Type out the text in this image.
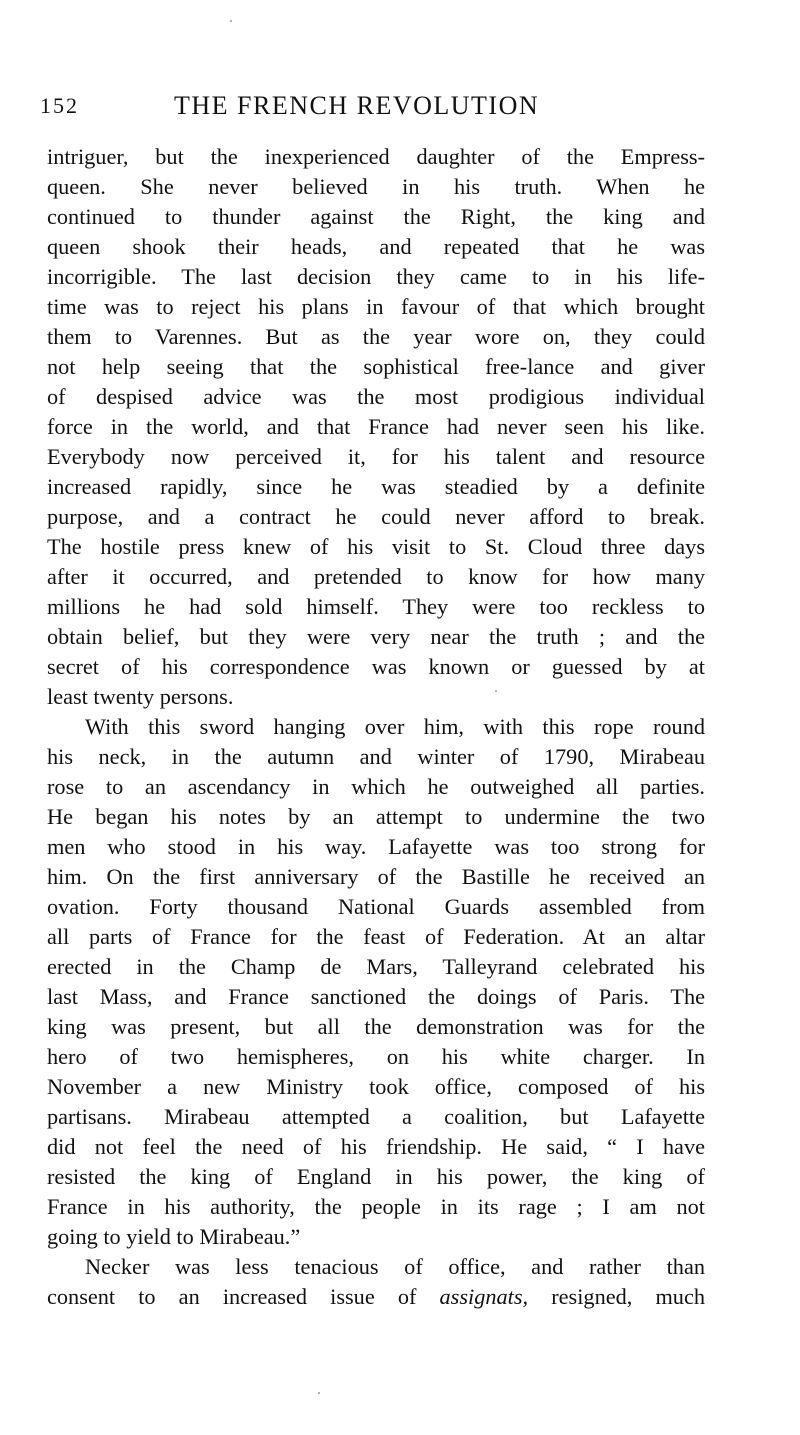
152	THE FRENCH REVOLUTION
intriguer, but the inexperienced daughter of the Empress-
queen. She never believed in his truth. When he
continued to thunder against the Right, the king and
queen shook their heads, and repeated that he was
incorrigible. The last decision they came to in his life-
time was to reject his plans in favour of that which brought
them to Varennes. But as the year wore on, they could
not help seeing that the sophistical free-lance and giver
of despised advice was the most prodigious individual
force in the world, and that France had never seen his like.
Everybody now perceived it, for his talent and resource
increased rapidly, since he was steadied by a definite
purpose, and a contract he could never afford to break.
The hostile press knew of his visit to St. Cloud three days
after it occurred, and pretended to know for how many
millions he had sold himself. They were too reckless to
obtain belief, but they were very near the truth ; and the
secret of his correspondence was known or guessed by at
least twenty persons.
With this sword hanging over him, with this rope round
his neck, in the autumn and winter of 1790, Mirabeau
rose to an ascendancy in which he outweighed all parties.
He began his notes by an attempt to undermine the two
men who stood in his way. Lafayette was too strong for
him. On the first anniversary of the Bastille he received an
ovation. Forty thousand National Guards assembled from
all parts of France for the feast of Federation. At an altar
erected in the Champ de Mars, Talleyrand celebrated his
last Mass, and France sanctioned the doings of Paris. The
king was present, but all the demonstration was for the
hero of two hemispheres, on his white charger. In
November a new Ministry took office, composed of his
partisans. Mirabeau attempted a coalition, but Lafayette
did not feel the need of his friendship. He said, “ I have
resisted the king of England in his power, the king of
France in his authority, the people in its rage ; I am not
going to yield to Mirabeau.”
Necker was less tenacious of office, and rather than
consent to an increased issue of assignats, resigned, much
